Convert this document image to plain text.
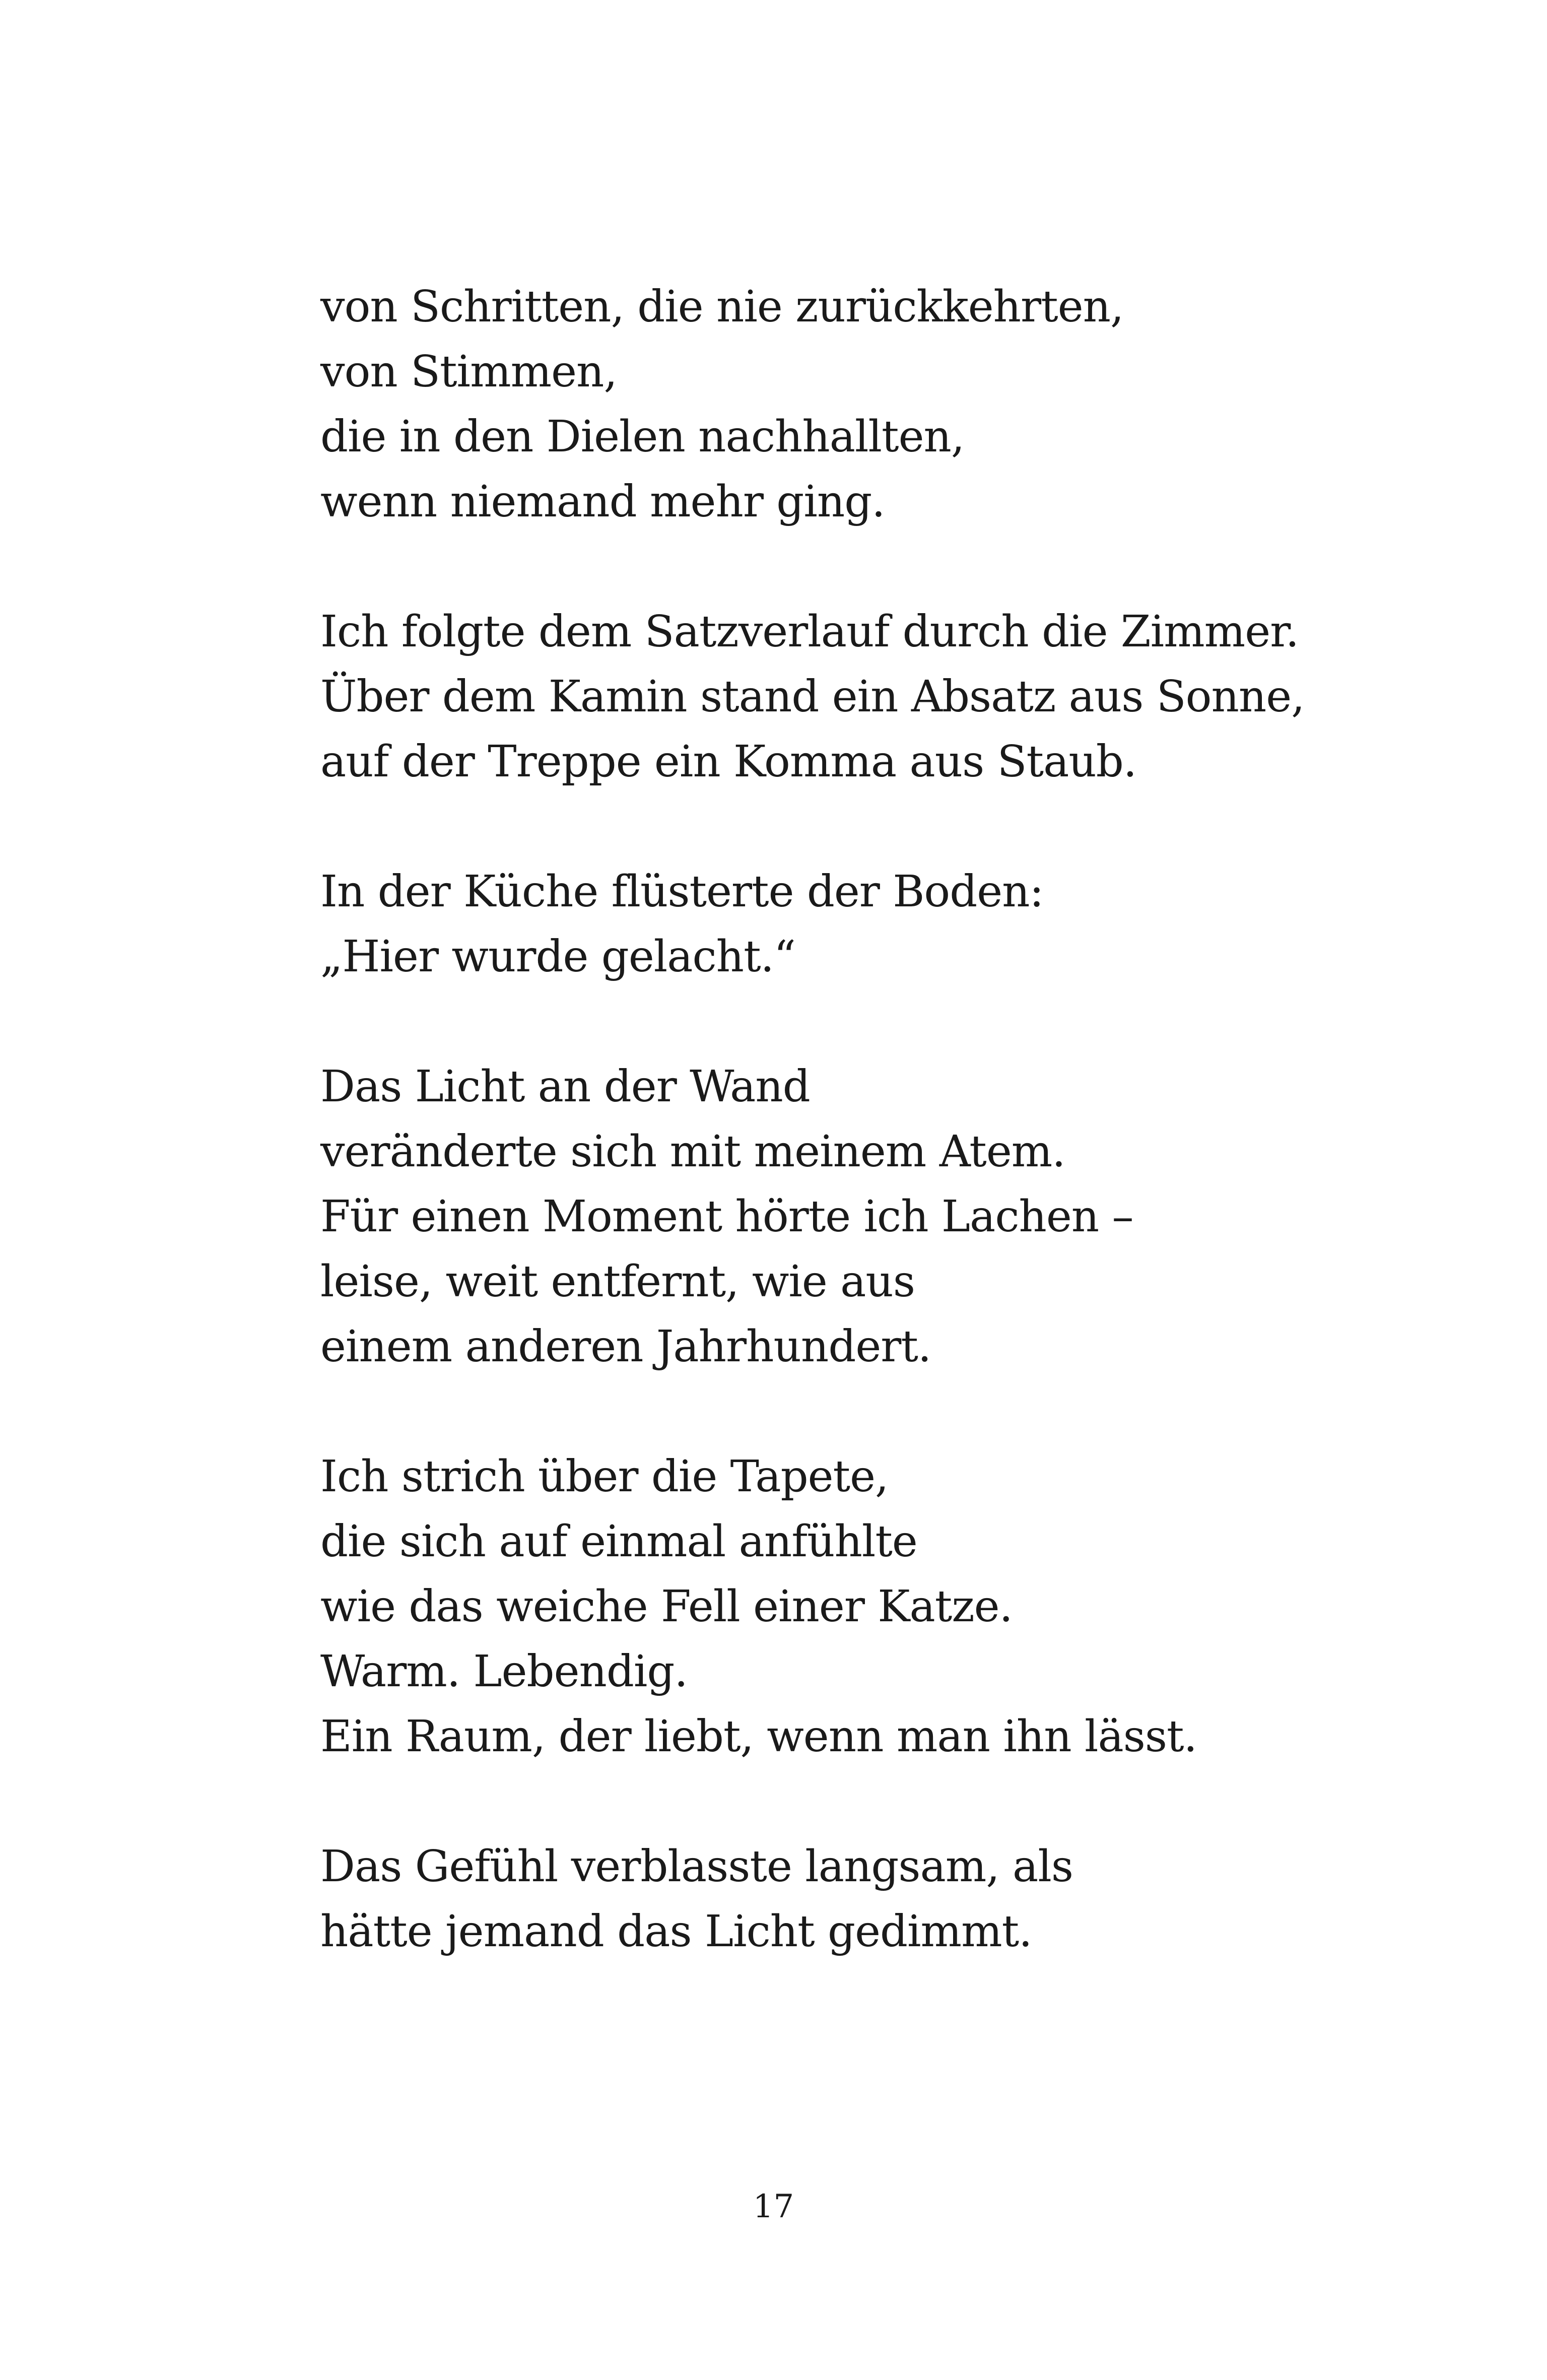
von Schritten, die nie zurückkehrten,
von Stimmen,
die in den Dielen nachhallten,
wenn niemand mehr ging.
Ich folgte dem Satzverlauf durch die Zimmer.
Über dem Kamin stand ein Absatz aus Sonne,
auf der Treppe ein Komma aus Staub.
In der Küche flüsterte der Boden:
„Hier wurde gelacht.“
Das Licht an der Wand
veränderte sich mit meinem Atem.
Für einen Moment hörte ich Lachen –
leise, weit entfernt, wie aus
einem anderen Jahrhundert.
Ich strich über die Tapete,
die sich auf einmal anfühlte
wie das weiche Fell einer Katze.
Warm. Lebendig.
Ein Raum, der liebt, wenn man ihn lässt.
Das Gefühl verblasste langsam, als
hätte jemand das Licht gedimmt.
17
